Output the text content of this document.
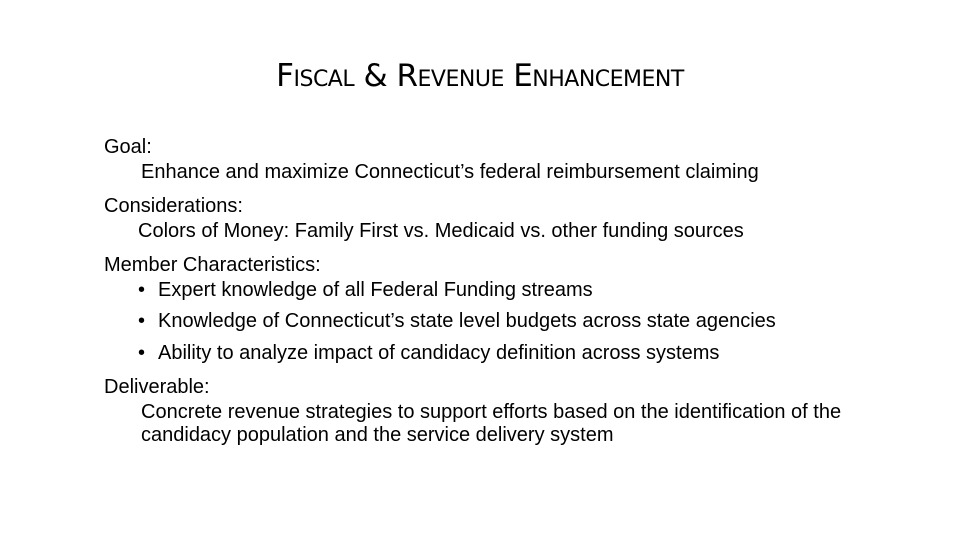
Fiscal & Revenue Enhancement
Goal:
Enhance and maximize Connecticut’s federal reimbursement claiming
Considerations:
Colors of Money: Family First vs. Medicaid vs. other funding sources
Member Characteristics:
• Expert knowledge of all Federal Funding streams
• Knowledge of Connecticut’s state level budgets across state agencies
• Ability to analyze impact of candidacy definition across systems
Deliverable:
Concrete revenue strategies to support efforts based on the identification of the candidacy population and the service delivery system
